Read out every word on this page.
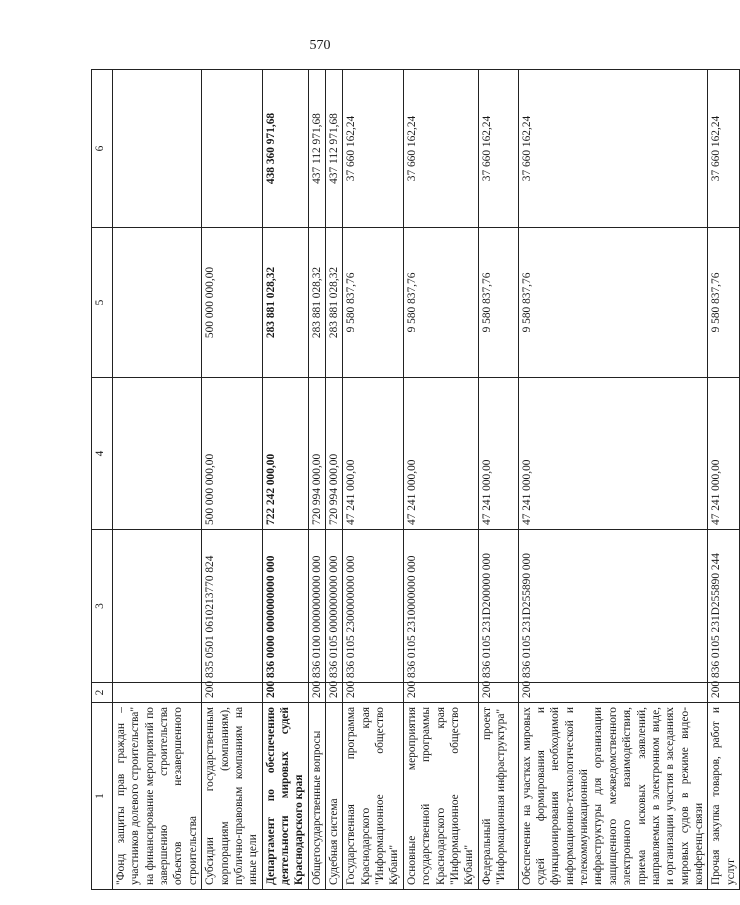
570
1	2	3	4	5	6
"Фонд защиты прав граждан – участников долевого строительства" на финансирование мероприятий по завершению строительства объектов незавершенного строительства					
Субсидии государственным корпорациям (компаниям), публично-правовым компаниям на иные цели	200	835 0501 0610213770 824	500 000 000,00	500 000 000,00	
Департамент по обеспечению деятельности мировых судей Краснодарского края	200	836 0000 0000000000 000	722 242 000,00	283 881 028,32	438 360 971,68
Общегосударственные вопросы	200	836 0100 0000000000 000	720 994 000,00	283 881 028,32	437 112 971,68
Судебная система	200	836 0105 0000000000 000	720 994 000,00	283 881 028,32	437 112 971,68
Государственная программа Краснодарского края "Информационное общество Кубани"	200	836 0105 2300000000 000	47 241 000,00	9 580 837,76	37 660 162,24
Основные мероприятия государственной программы Краснодарского края "Информационное общество Кубани"	200	836 0105 2310000000 000	47 241 000,00	9 580 837,76	37 660 162,24
Федеральный проект "Информационная инфраструктура"	200	836 0105 231D200000 000	47 241 000,00	9 580 837,76	37 660 162,24
Обеспечение на участках мировых судей формирования и функционирования необходимой информационно-технологической и телекоммуникационной инфраструктуры для организации защищенного межведомственного электронного взаимодействия, приема исковых заявлений, направляемых в электронном виде, и организации участия в заседаниях мировых судов в режиме видео-конференц-связи	200	836 0105 231D255890 000	47 241 000,00	9 580 837,76	37 660 162,24
Прочая закупка товаров, работ и услуг	200	836 0105 231D255890 244	47 241 000,00	9 580 837,76	37 660 162,24
